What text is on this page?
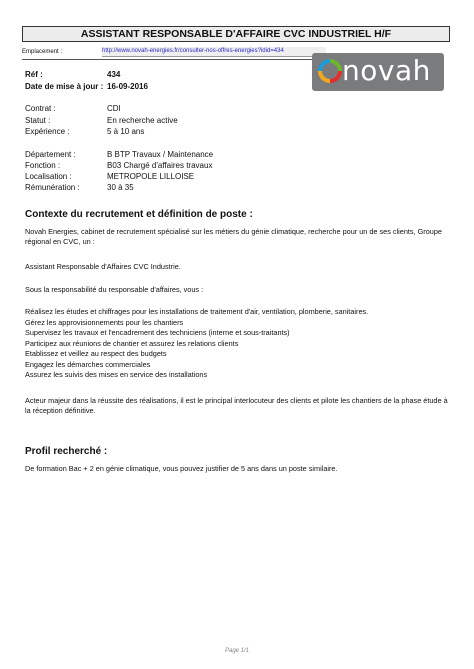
ASSISTANT RESPONSABLE D'AFFAIRE CVC INDUSTRIEL H/F
Emplacement :	http://www.novah-energies.fr/consulter-nos-offres-energies?idid=434
novah
Réf :	434
Date de mise à jour : 16-09-2016
Contrat :	CDI
Statut :	En recherche active
Expérience :	5 à 10 ans
Département :	B BTP Travaux / Maintenance
Fonction :	B03 Chargé d'affaires travaux
Localisation :	METROPOLE LILLOISE
Rémunération :	30 à 35
Contexte du recrutement et définition de poste :
Novah Energies, cabinet de recrutement spécialisé sur les métiers du génie climatique, recherche pour un de ses clients, Groupe régional en CVC, un :
Assistant Responsable d'Affaires CVC Industrie.
Sous la responsabilité du responsable d'affaires, vous :
Réalisez les études et chiffrages pour les installations de traitement d'air, ventilation, plomberie, sanitaires.
Gérez les approvisionnements pour les chantiers
Supervisez les travaux et l'encadrement des techniciens (interne et sous-traitants)
Participez aux réunions de chantier et assurez les relations clients
Etablissez et veillez au respect des budgets
Engagez les démarches commerciales
Assurez les suivis des mises en service des installations
Acteur majeur dans la réussite des réalisations, il est le principal interlocuteur des clients et pilote les chantiers de la phase étude à la réception définitive.
Profil recherché :
De formation Bac + 2 en génie climatique, vous pouvez justifier de 5 ans dans un poste similaire.
Page 1/1
